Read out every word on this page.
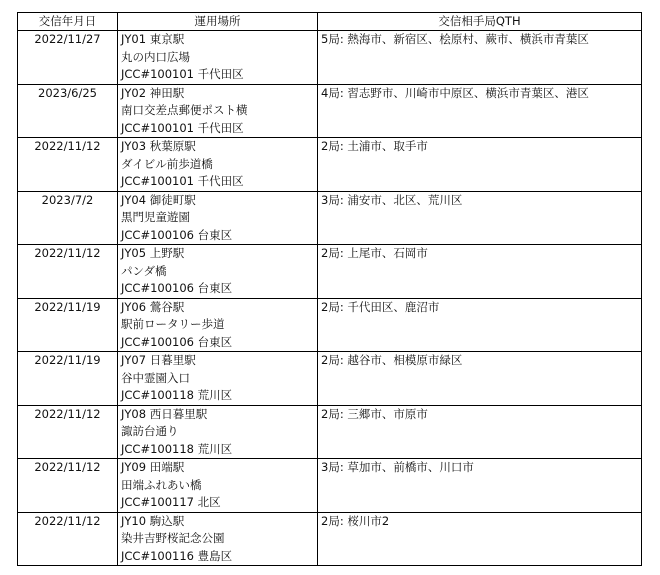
交信年月日	運用場所	交信相手局QTH
2022/11/27	JY01 東京駅
丸の内口広場
JCC#100101 千代田区	5局: 熱海市、新宿区、桧原村、蕨市、横浜市青葉区
2023/6/25	JY02 神田駅
南口交差点郵便ポスト横
JCC#100101 千代田区	4局: 習志野市、川崎市中原区、横浜市青葉区、港区
2022/11/12	JY03 秋葉原駅
ダイビル前歩道橋
JCC#100101 千代田区	2局: 土浦市、取手市
2023/7/2	JY04 御徒町駅
黒門児童遊園
JCC#100106 台東区	3局: 浦安市、北区、荒川区
2022/11/12	JY05 上野駅
パンダ橋
JCC#100106 台東区	2局: 上尾市、石岡市
2022/11/19	JY06 鶯谷駅
駅前ロータリー歩道
JCC#100106 台東区	2局: 千代田区、鹿沼市
2022/11/19	JY07 日暮里駅
谷中霊園入口
JCC#100118 荒川区	2局: 越谷市、相模原市緑区
2022/11/12	JY08 西日暮里駅
諏訪台通り
JCC#100118 荒川区	2局: 三郷市、市原市
2022/11/12	JY09 田端駅
田端ふれあい橋
JCC#100117 北区	3局: 草加市、前橋市、川口市
2022/11/12	JY10 駒込駅
染井吉野桜記念公園
JCC#100116 豊島区	2局: 桜川市2
